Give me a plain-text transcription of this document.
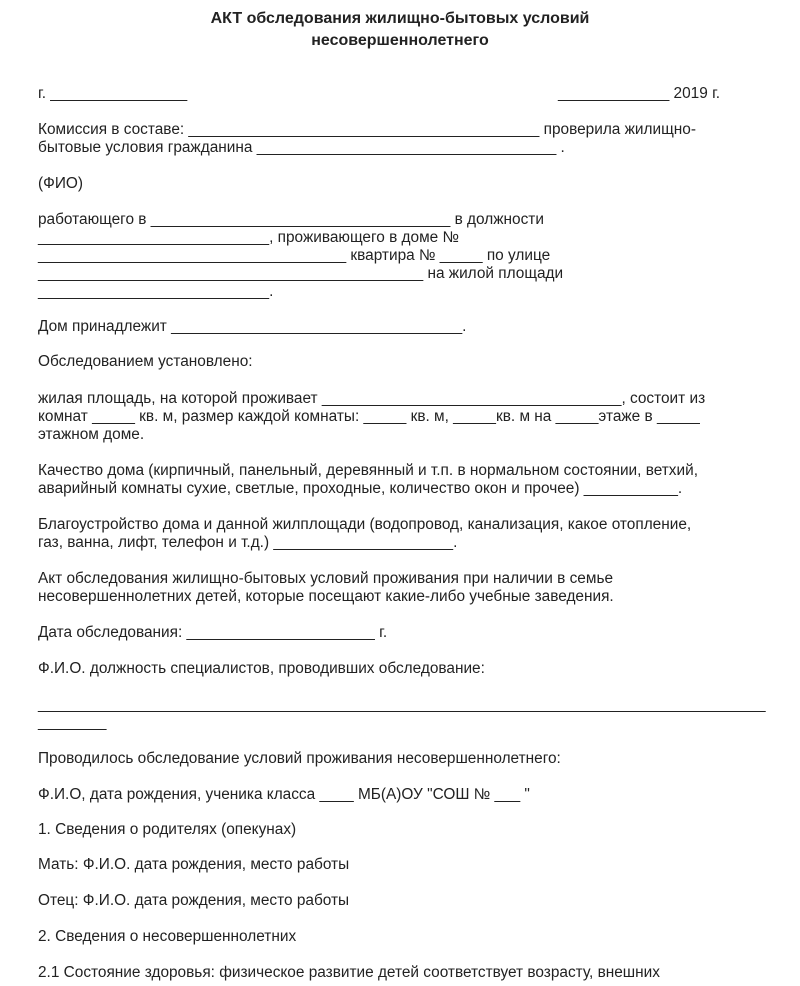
АКТ обследования жилищно-бытовых условий
несовершеннолетнего
г. ________________	_____________ 2019 г.
Комиссия в составе: _________________________________________ проверила жилищно-
бытовые условия гражданина ___________________________________ .
(ФИО)
работающего в ___________________________________ в должности
___________________________, проживающего в доме №
____________________________________ квартира № _____ по улице
_____________________________________________ на жилой площади
___________________________.
Дом принадлежит __________________________________.
Обследованием установлено:
жилая площадь, на которой проживает ___________________________________, состоит из
комнат _____ кв. м, размер каждой комнаты: _____ кв. м, _____кв. м на _____этаже в _____
этажном доме.
Качество дома (кирпичный, панельный, деревянный и т.п. в нормальном состоянии, ветхий,
аварийный комнаты сухие, светлые, проходные, количество окон и прочее) ___________.
Благоустройство дома и данной жилплощади (водопровод, канализация, какое отопление,
газ, ванна, лифт, телефон и т.д.) _____________________.
Акт обследования жилищно-бытовых условий проживания при наличии в семье
несовершеннолетних детей, которые посещают какие-либо учебные заведения.
Дата обследования: ______________________ г.
Ф.И.О. должность специалистов, проводивших обследование:
_____________________________________________________________________________________
________
Проводилось обследование условий проживания несовершеннолетнего:
Ф.И.О, дата рождения, ученика класса ____ МБ(А)ОУ "СОШ № ___ "
1. Сведения о родителях (опекунах)
Мать: Ф.И.О. дата рождения, место работы
Отец: Ф.И.О. дата рождения, место работы
2. Сведения о несовершеннолетних
2.1 Состояние здоровья: физическое развитие детей соответствует возрасту, внешних
